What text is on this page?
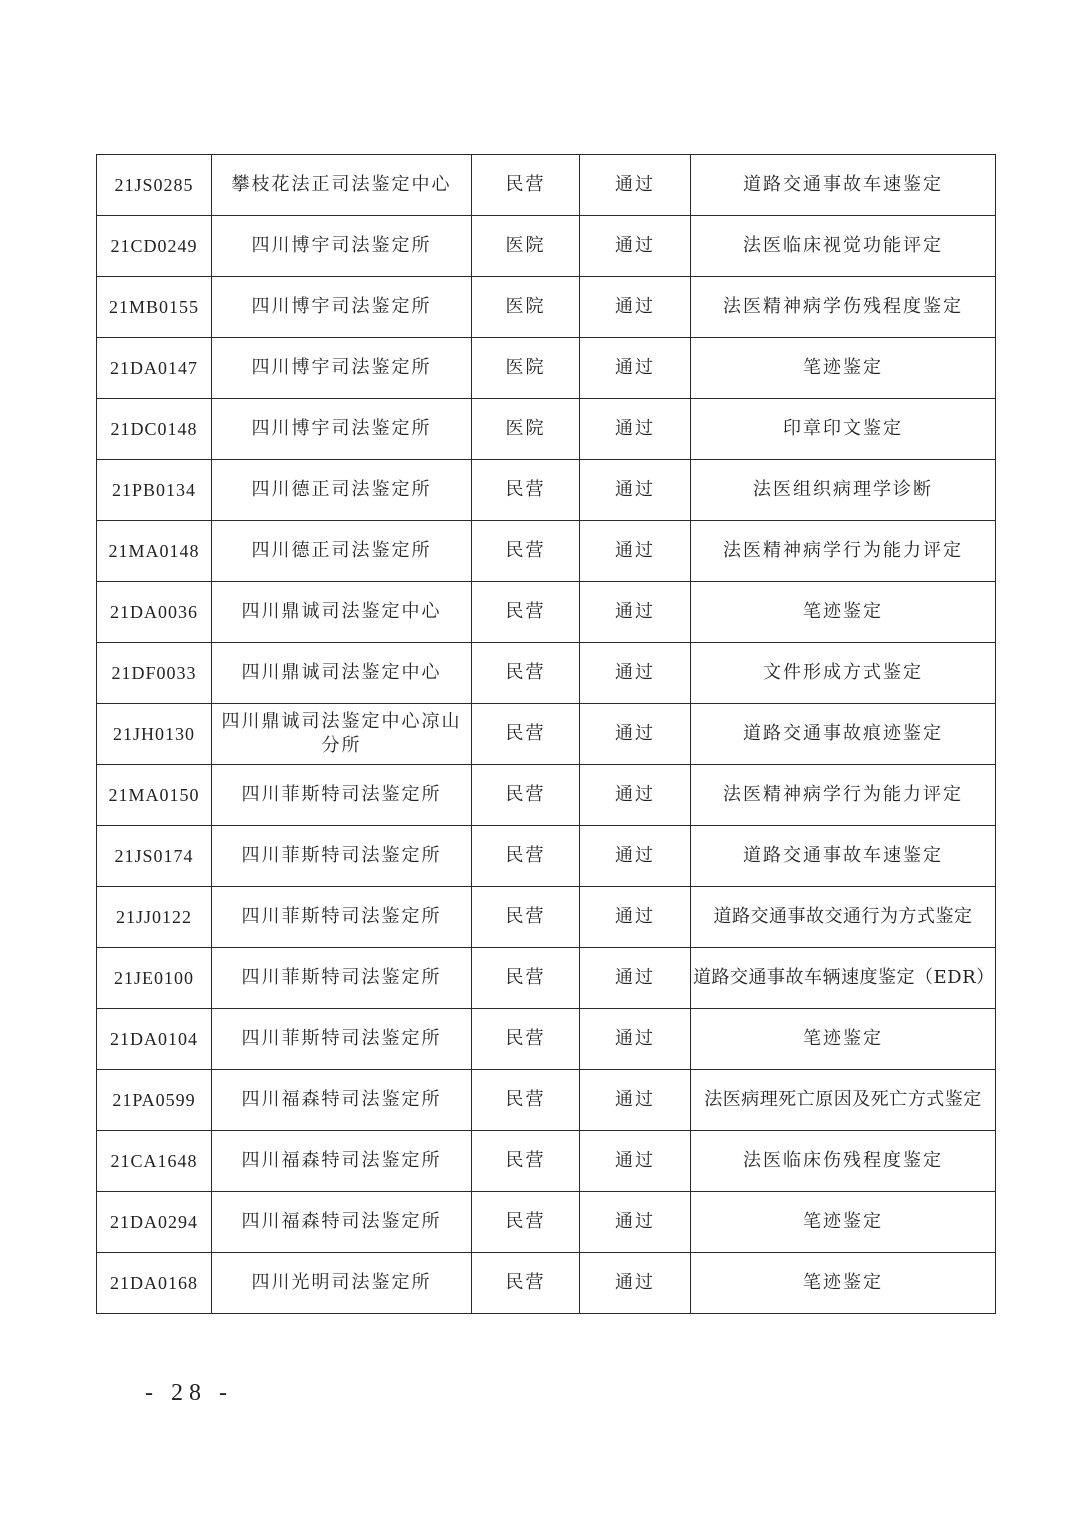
21JS0285	攀枝花法正司法鉴定中心	民营	通过	道路交通事故车速鉴定
21CD0249	四川博宇司法鉴定所	医院	通过	法医临床视觉功能评定
21MB0155	四川博宇司法鉴定所	医院	通过	法医精神病学伤残程度鉴定
21DA0147	四川博宇司法鉴定所	医院	通过	笔迹鉴定
21DC0148	四川博宇司法鉴定所	医院	通过	印章印文鉴定
21PB0134	四川德正司法鉴定所	民营	通过	法医组织病理学诊断
21MA0148	四川德正司法鉴定所	民营	通过	法医精神病学行为能力评定
21DA0036	四川鼎诚司法鉴定中心	民营	通过	笔迹鉴定
21DF0033	四川鼎诚司法鉴定中心	民营	通过	文件形成方式鉴定
21JH0130	四川鼎诚司法鉴定中心凉山分所	民营	通过	道路交通事故痕迹鉴定
21MA0150	四川菲斯特司法鉴定所	民营	通过	法医精神病学行为能力评定
21JS0174	四川菲斯特司法鉴定所	民营	通过	道路交通事故车速鉴定
21JJ0122	四川菲斯特司法鉴定所	民营	通过	道路交通事故交通行为方式鉴定
21JE0100	四川菲斯特司法鉴定所	民营	通过	道路交通事故车辆速度鉴定（EDR）
21DA0104	四川菲斯特司法鉴定所	民营	通过	笔迹鉴定
21PA0599	四川福森特司法鉴定所	民营	通过	法医病理死亡原因及死亡方式鉴定
21CA1648	四川福森特司法鉴定所	民营	通过	法医临床伤残程度鉴定
21DA0294	四川福森特司法鉴定所	民营	通过	笔迹鉴定
21DA0168	四川光明司法鉴定所	民营	通过	笔迹鉴定
- 28 -
